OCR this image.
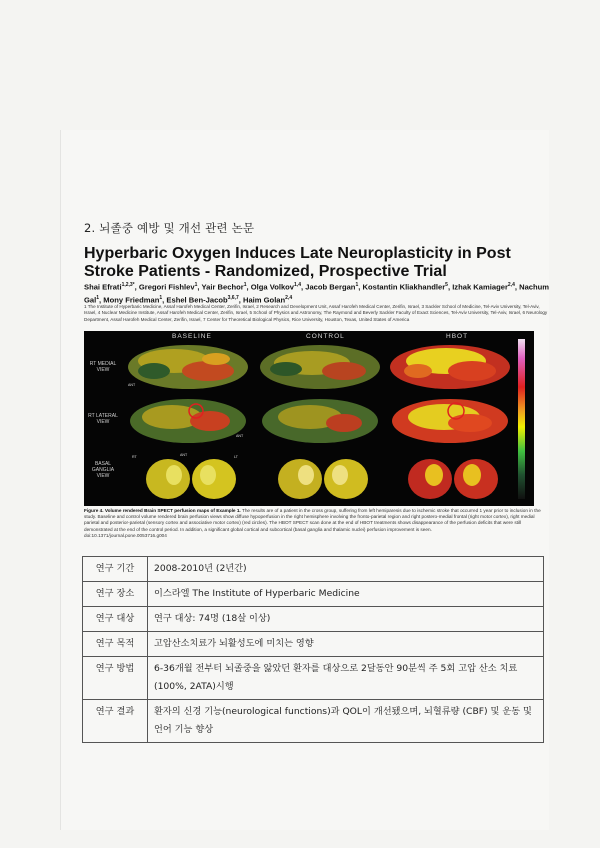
2. 뇌졸중 예방 및 개선 관련 논문
Hyperbaric Oxygen Induces Late Neuroplasticity in Post
Stroke Patients - Randomized, Prospective Trial
Shai Efrati$^{1,2,3*}$, Gregori Fishlev$^1$, Yair Bechor$^1$, Olga Volkov$^{1,4}$, Jacob Bergan$^1$, Kostantin Kliakhandler$^5$, Izhak Kamiager$^{2,4}$, Nachum Gal$^1$, Mony Friedman$^1$, Eshel Ben-Jacob$^{3,6,7}$, Haim Golan$^{2,4}$
1 The Institute of Hyperbaric Medicine, Assaf Harofeh Medical Center, Zerifin, Israel, 2 Research and Development Unit, Assaf Harofeh Medical Center, Zerifin, Israel, 3 Sackler School of Medicine, Tel-Aviv University, Tel-Aviv, Israel, 4 Nuclear Medicine Institute, Assaf Harofeh Medical Center, Zerifin, Israel, 5 School of Physics and Astronomy, The Raymond and Beverly Sackler Faculty of Exact Sciences, Tel-Aviv University, Tel-Aviv, Israel, 6 Neurology Department, Assaf Harofeh Medical Center, Zerifin, Israel, 7 Center for Theoretical Biological Physics, Rice University, Houston, Texas, United States of America
BASELINE	CONTROL	HBOT
RT MEDIAL VIEW
RT LATERAL VIEW
BASAL GANGLIA VIEW
ANT
ANT
RT	ANT	LT
Figure 4. Volume rendered Brain SPECT perfusion maps of Example 1. The results are of a patient in the cross group, suffering from left hemiparesis due to ischemic stroke that occurred 1 year prior to inclusion in the study. Baseline and control volume rendered brain perfusion views show diffuse hypoperfusion in the right hemisphere involving the fronto-parietal region and right postero-medial frontal (right motor cortex), right medial parietal and posterior-parietal (sensory cortex and associative motor cortex) (red circles). The HBOT SPECT scan done at the end of HBOT treatments shows disappearance of the perfusion deficits that were still demonstrated at the end of the control period. In addition, a significant global cortical and subcortical (basal ganglia and thalamic nuclei) perfusion improvement is seen.
doi:10.1371/journal.pone.0053716.g004
연구 기간	2008-2010년 (2년간)
연구 장소	이스라엘 The Institute of Hyperbaric Medicine
연구 대상	연구 대상: 74명 (18살 이상)
연구 목적	고압산소치료가 뇌활성도에 미치는 영향
연구 방법	6-36개월 전부터 뇌졸중을 앓았던 환자를 대상으로 2달동안 90분씩 주 5회 고압 산소 치료 (100%, 2ATA)시행
연구 결과	환자의 신경 기능(neurological functions)과 QOL이 개선됐으며, 뇌혈류량 (CBF) 및 운동 및 언어 기능 향상
